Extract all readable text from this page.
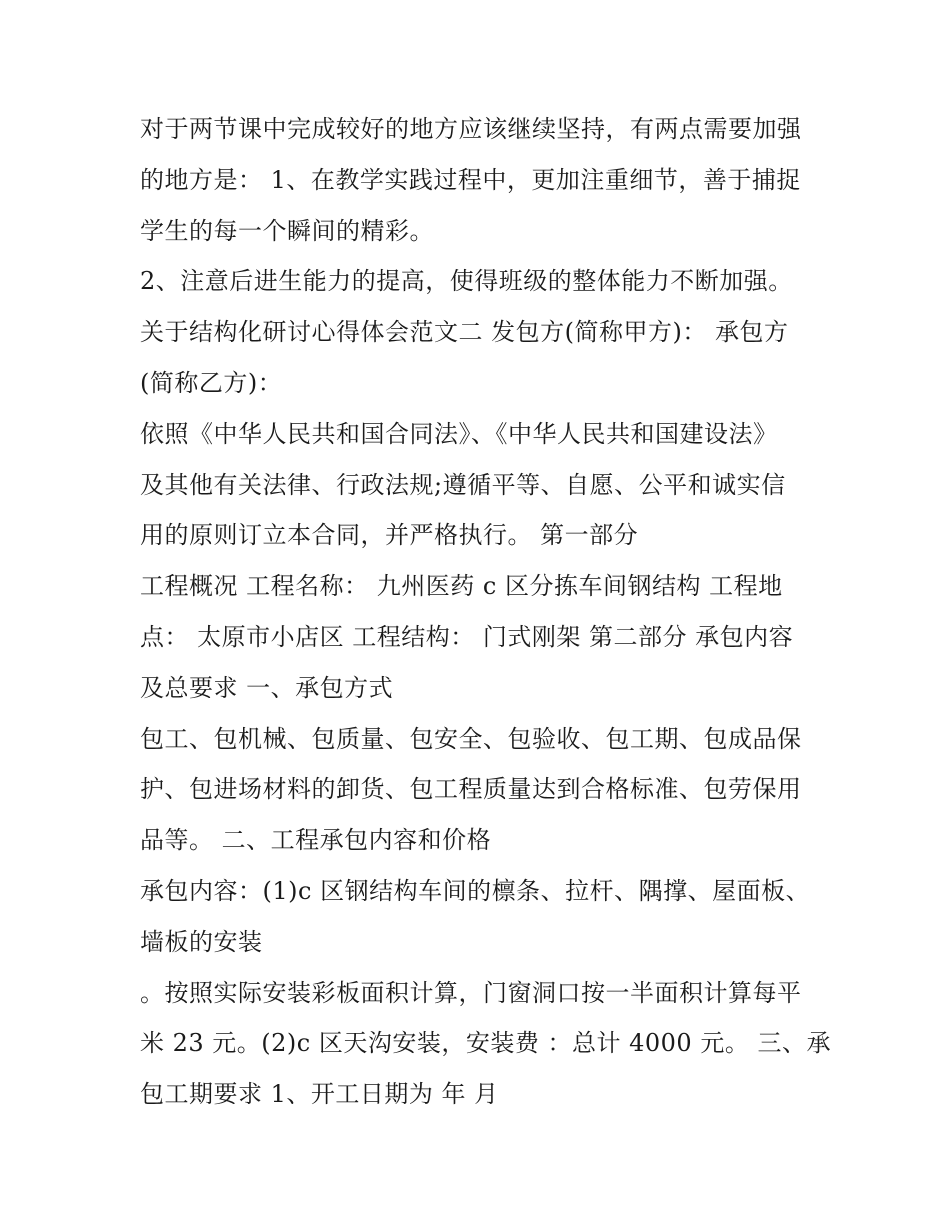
对于两节课中完成较好的地方应该继续坚持，有两点需要加强
的地方是： 1、在教学实践过程中，更加注重细节，善于捕捉
学生的每一个瞬间的精彩。
2、注意后进生能力的提高，使得班级的整体能力不断加强。
关于结构化研讨心得体会范文二 发包方(简称甲方)： 承包方
(简称乙方)：
依照《中华人民共和国合同法》、《中华人民共和国建设法》
及其他有关法律、行政法规;遵循平等、自愿、公平和诚实信
用的原则订立本合同，并严格执行。 第一部分
工程概况 工程名称： 九州医药 c 区分拣车间钢结构 工程地
点： 太原市小店区 工程结构： 门式刚架 第二部分 承包内容
及总要求 一、承包方式
包工、包机械、包质量、包安全、包验收、包工期、包成品保
护、包进场材料的卸货、包工程质量达到合格标准、包劳保用
品等。 二、工程承包内容和价格
承包内容：(1)c 区钢结构车间的檩条、拉杆、隅撑、屋面板、
墙板的安装
。按照实际安装彩板面积计算，门窗洞口按一半面积计算每平
米 23 元。(2)c 区天沟安装，安装费 ：总计 4000 元。 三、承
包工期要求 1、开工日期为 年 月
